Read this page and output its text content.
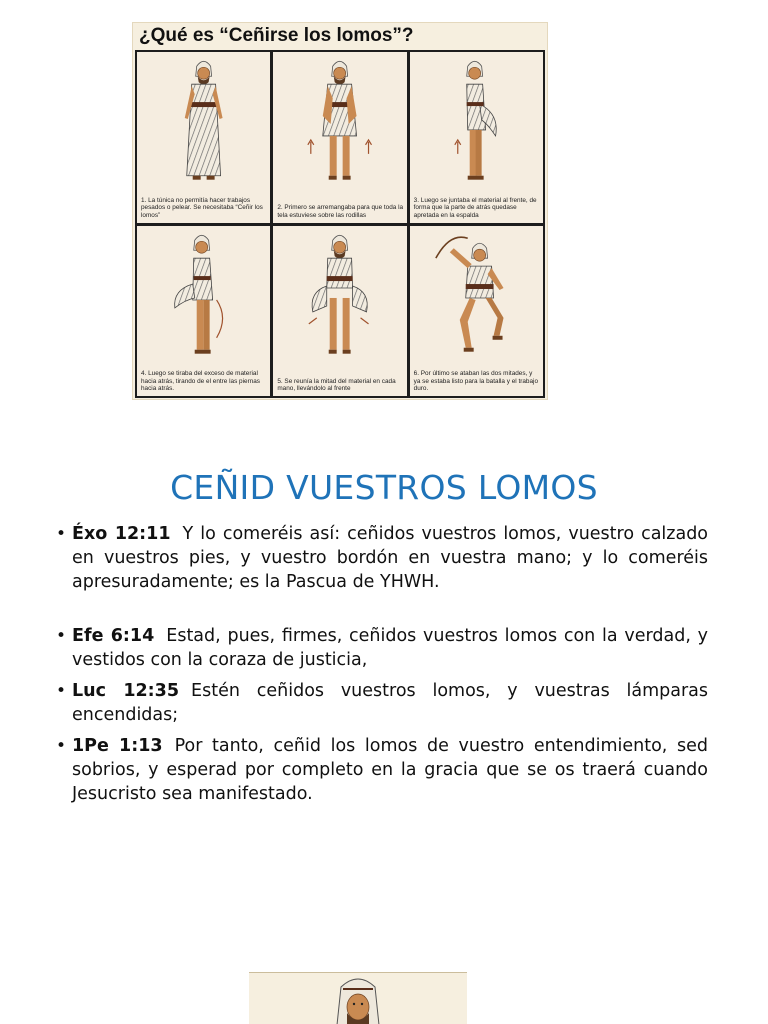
¿Qué es “Ceñirse los lomos”?
1. La túnica no permitía hacer trabajos pesados o pelear. Se necesitaba “Ceñir los lomos”
2. Primero se arremangaba para que toda la tela estuviese sobre las rodillas
3. Luego se juntaba el material al frente, de forma que la parte de atrás quedase apretada en la espalda
4. Luego se tiraba del exceso de material hacia atrás, tirando de el entre las piernas hacia atrás.
5. Se reunía la mitad del material en cada mano, llevándolo al frente
6. Por último se ataban las dos mitades, y ya se estaba listo para la batalla y el trabajo duro.
CEÑID VUESTROS LOMOS
• Éxo 12:11 Y lo comeréis así: ceñidos vuestros lomos, vuestro calzado en vuestros pies, y vuestro bordón en vuestra mano; y lo comeréis apresuradamente; es la Pascua de YHWH.
• Efe 6:14 Estad, pues, firmes, ceñidos vuestros lomos con la verdad, y vestidos con la coraza de justicia,
• Luc 12:35 Estén ceñidos vuestros lomos, y vuestras lámparas encendidas;
• 1Pe 1:13 Por tanto, ceñid los lomos de vuestro entendimiento, sed sobrios, y esperad por completo en la gracia que se os traerá cuando Jesucristo sea manifestado.
